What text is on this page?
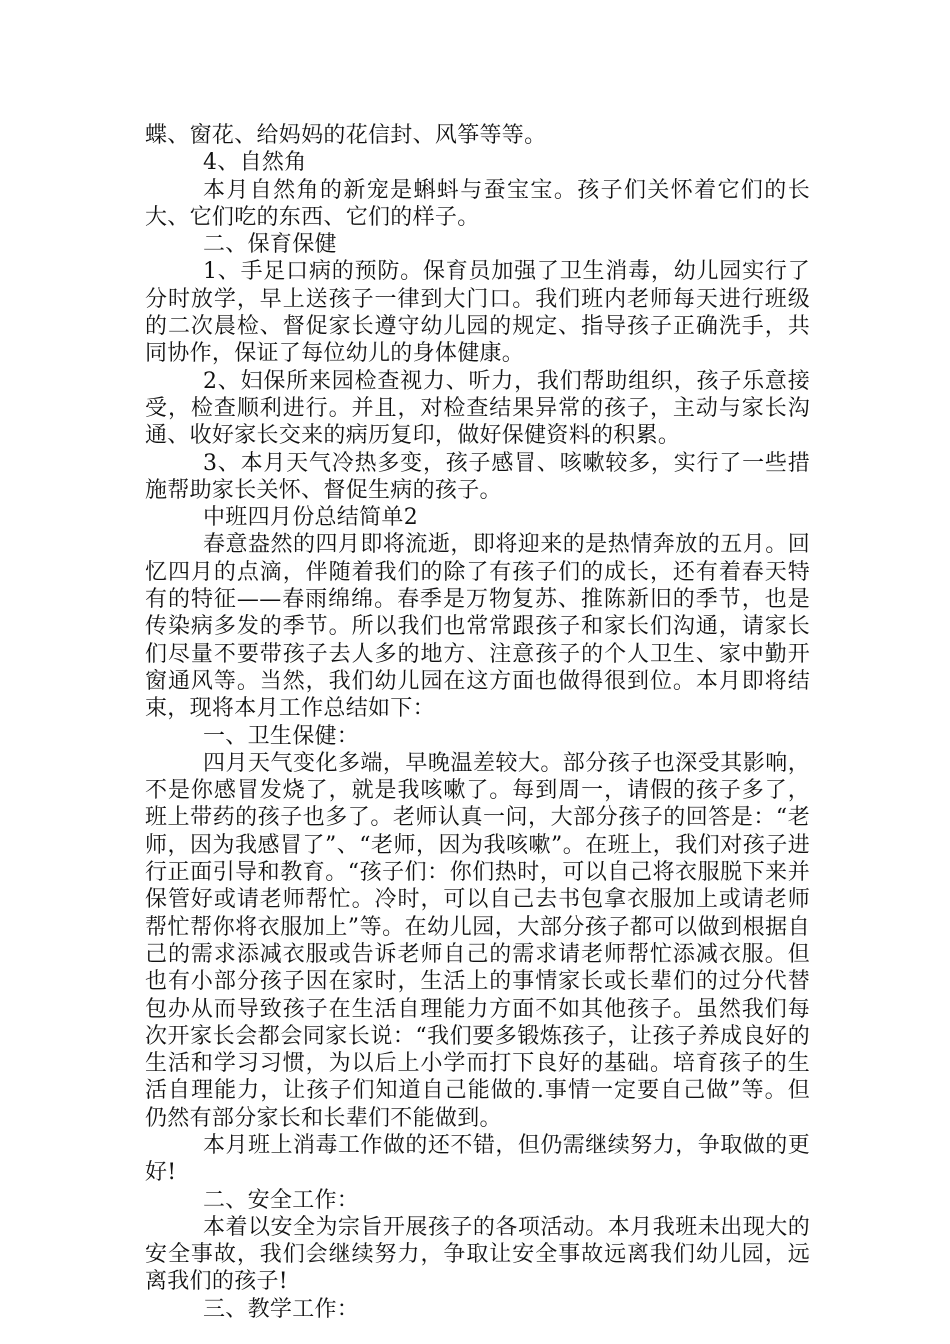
蝶、窗花、给妈妈的花信封、风筝等等。

4、自然角

本月自然角的新宠是蝌蚪与蚕宝宝。孩子们关怀着它们的长大、它们吃的东西、它们的样子。

二、保育保健

1、手足口病的预防。保育员加强了卫生消毒，幼儿园实行了分时放学，早上送孩子一律到大门口。我们班内老师每天进行班级的二次晨检、督促家长遵守幼儿园的规定、指导孩子正确洗手，共同协作，保证了每位幼儿的身体健康。

2、妇保所来园检查视力、听力，我们帮助组织，孩子乐意接受，检查顺利进行。并且，对检查结果异常的孩子，主动与家长沟通、收好家长交来的病历复印，做好保健资料的积累。

3、本月天气冷热多变，孩子感冒、咳嗽较多，实行了一些措施帮助家长关怀、督促生病的孩子。

中班四月份总结简单2

春意盎然的四月即将流逝，即将迎来的是热情奔放的五月。回忆四月的点滴，伴随着我们的除了有孩子们的成长，还有着春天特有的特征——春雨绵绵。春季是万物复苏、推陈新旧的季节，也是传染病多发的季节。所以我们也常常跟孩子和家长们沟通，请家长们尽量不要带孩子去人多的地方、注意孩子的个人卫生、家中勤开窗通风等。当然，我们幼儿园在这方面也做得很到位。本月即将结束，现将本月工作总结如下：

一、卫生保健：

四月天气变化多端，早晚温差较大。部分孩子也深受其影响，不是你感冒发烧了，就是我咳嗽了。每到周一，请假的孩子多了，班上带药的孩子也多了。老师认真一问，大部分孩子的回答是：“老师，因为我感冒了”、“老师，因为我咳嗽”。在班上，我们对孩子进行正面引导和教育。“孩子们：你们热时，可以自己将衣服脱下来并保管好或请老师帮忙。冷时，可以自己去书包拿衣服加上或请老师帮忙帮你将衣服加上”等。在幼儿园，大部分孩子都可以做到根据自己的需求添减衣服或告诉老师自己的需求请老师帮忙添减衣服。但也有小部分孩子因在家时，生活上的事情家长或长辈们的过分代替包办从而导致孩子在生活自理能力方面不如其他孩子。虽然我们每次开家长会都会同家长说：“我们要多锻炼孩子，让孩子养成良好的生活和学习习惯，为以后上小学而打下良好的基础。培育孩子的生活自理能力，让孩子们知道自己能做的.事情一定要自己做”等。但仍然有部分家长和长辈们不能做到。

本月班上消毒工作做的还不错，但仍需继续努力，争取做的更好!

二、安全工作：

本着以安全为宗旨开展孩子的各项活动。本月我班未出现大的安全事故，我们会继续努力，争取让安全事故远离我们幼儿园，远离我们的孩子!

三、教学工作：
